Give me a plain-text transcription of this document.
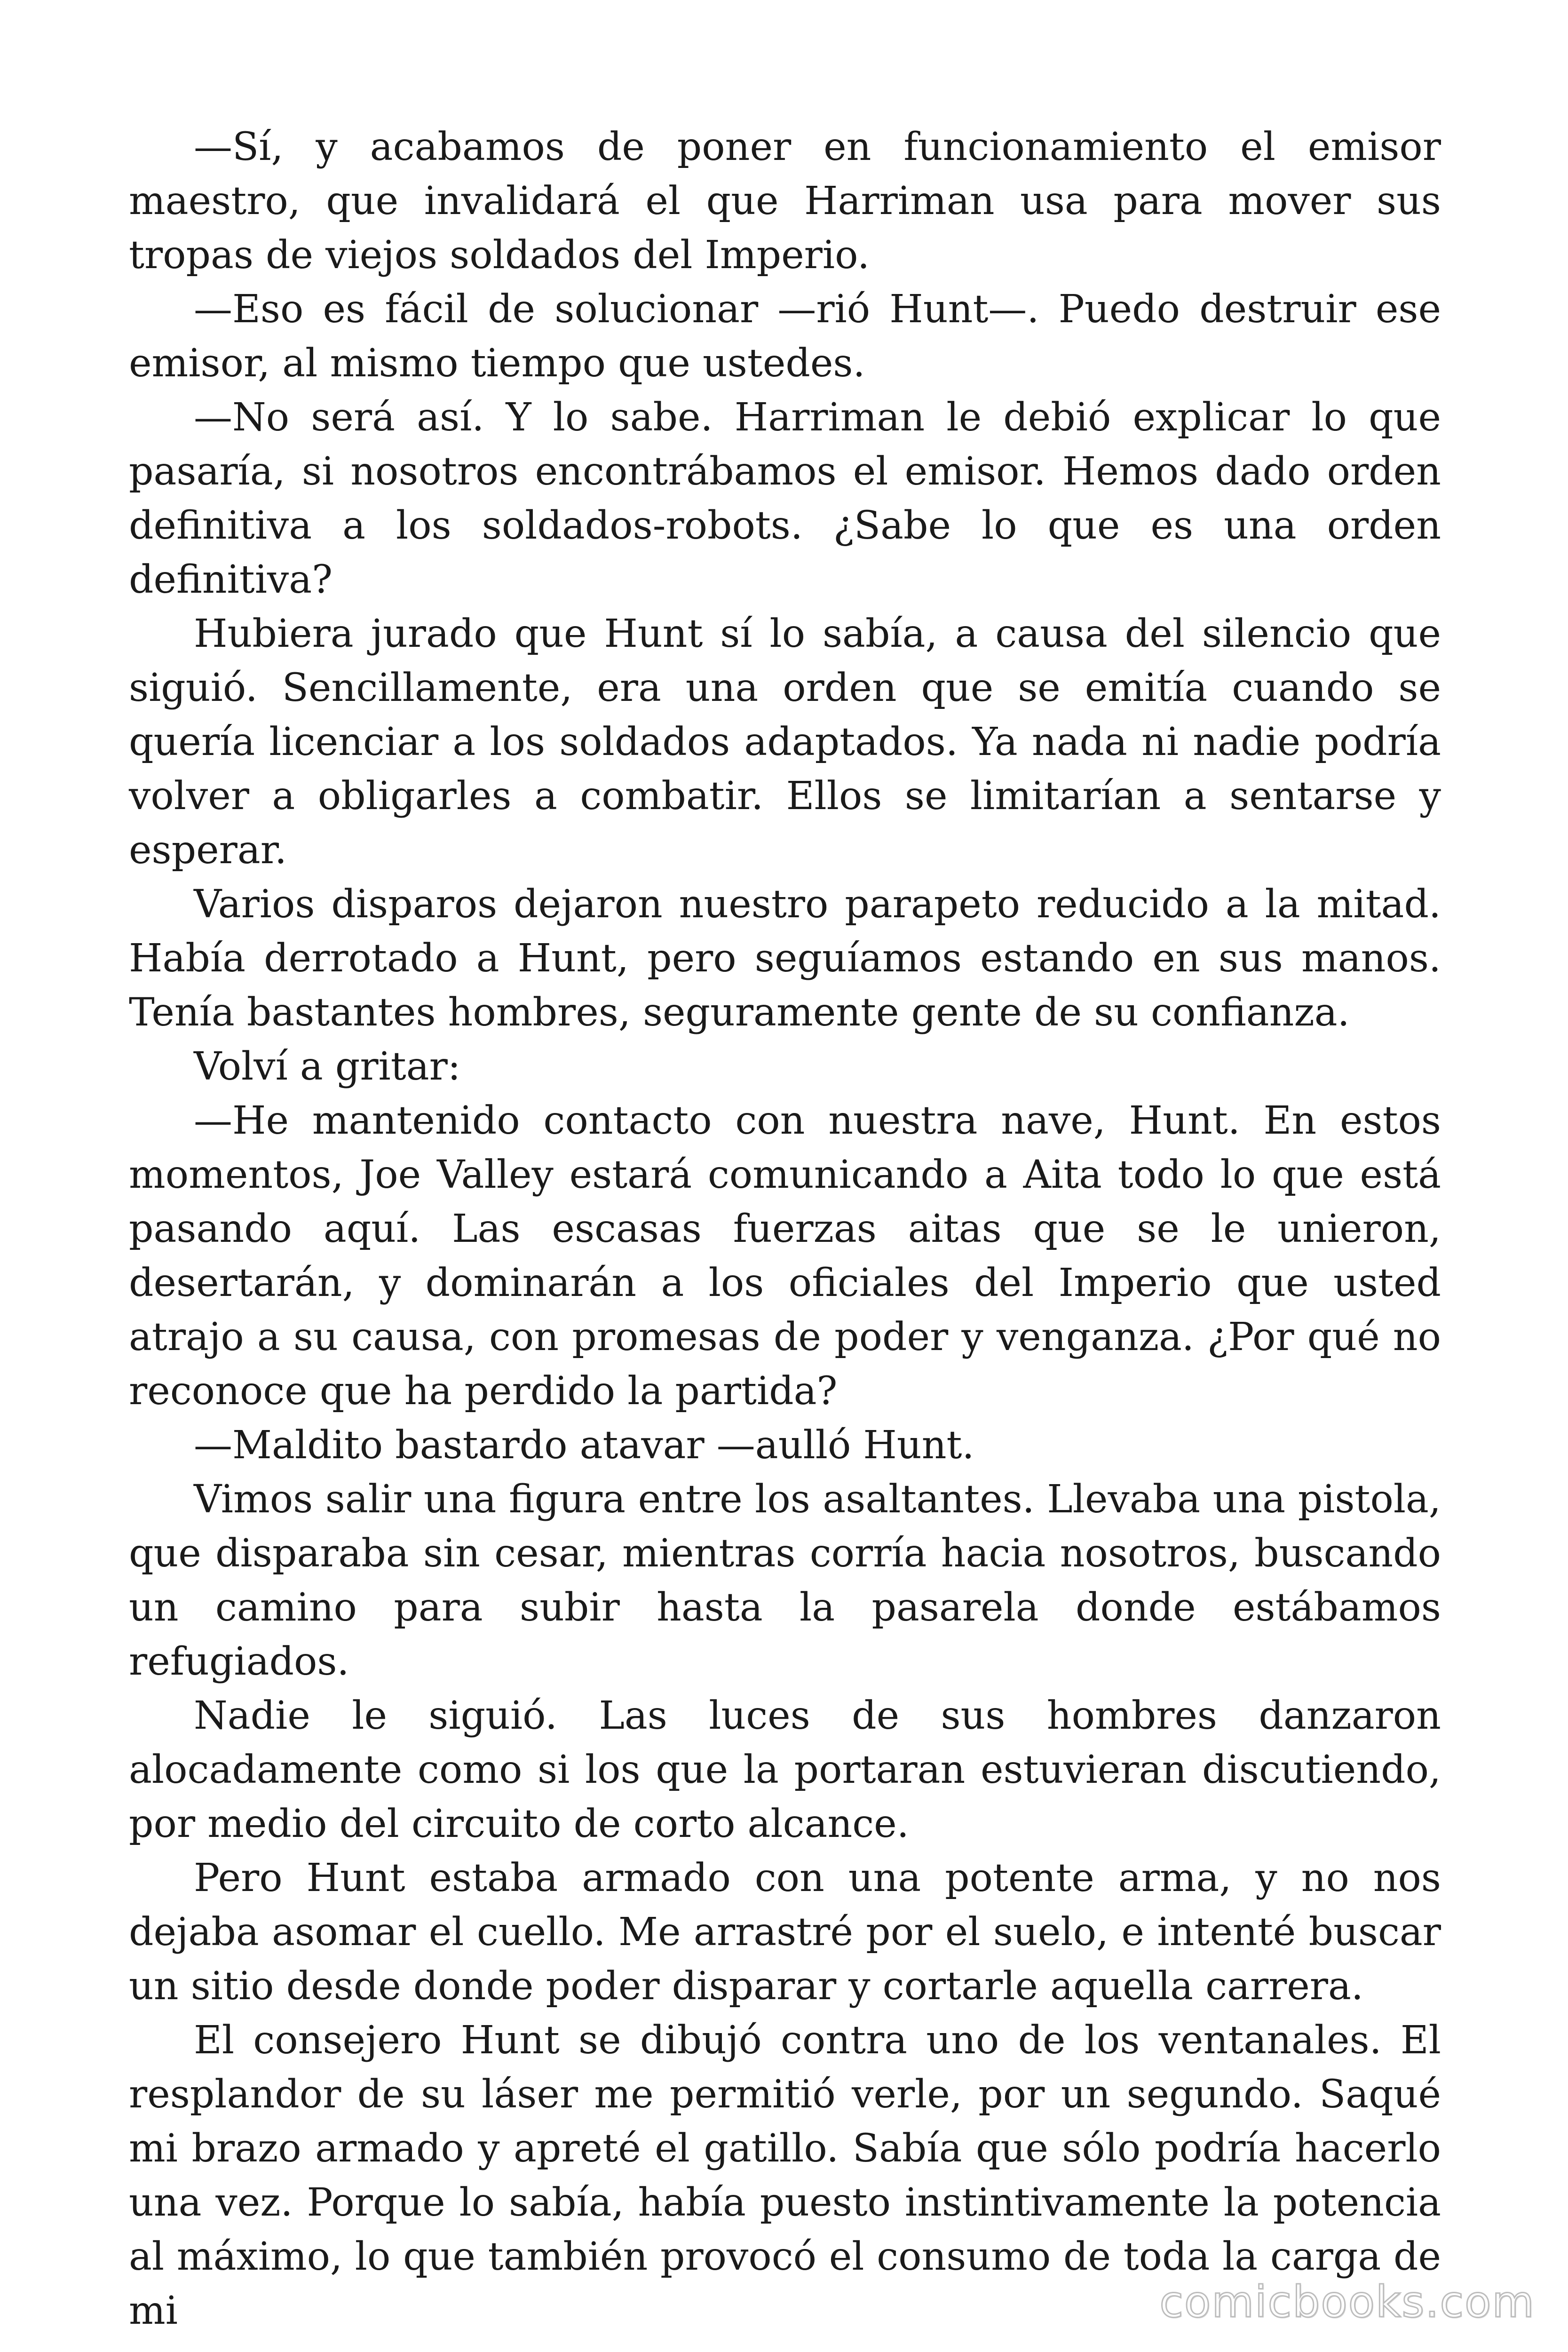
—Sí, y acabamos de poner en funcionamiento el emisor maestro, que invalidará el que Harriman usa para mover sus tropas de viejos soldados del Imperio.

—Eso es fácil de solucionar —rió Hunt—. Puedo destruir ese emisor, al mismo tiempo que ustedes.

—No será así. Y lo sabe. Harriman le debió explicar lo que pasaría, si nosotros encontrábamos el emisor. Hemos dado orden definitiva a los soldados-robots. ¿Sabe lo que es una orden definitiva?

Hubiera jurado que Hunt sí lo sabía, a causa del silencio que siguió. Sencillamente, era una orden que se emitía cuando se quería licenciar a los soldados adaptados. Ya nada ni nadie podría volver a obligarles a combatir. Ellos se limitarían a sentarse y esperar.

Varios disparos dejaron nuestro parapeto reducido a la mitad. Había derrotado a Hunt, pero seguíamos estando en sus manos. Tenía bastantes hombres, seguramente gente de su confianza.

Volví a gritar:

—He mantenido contacto con nuestra nave, Hunt. En estos momentos, Joe Valley estará comunicando a Aita todo lo que está pasando aquí. Las escasas fuerzas aitas que se le unieron, desertarán, y dominarán a los oficiales del Imperio que usted atrajo a su causa, con promesas de poder y venganza. ¿Por qué no reconoce que ha perdido la partida?

—Maldito bastardo atavar —aulló Hunt.

Vimos salir una figura entre los asaltantes. Llevaba una pistola, que disparaba sin cesar, mientras corría hacia nosotros, buscando un camino para subir hasta la pasarela donde estábamos refugiados.

Nadie le siguió. Las luces de sus hombres danzaron alocadamente como si los que la portaran estuvieran discutiendo, por medio del circuito de corto alcance.

Pero Hunt estaba armado con una potente arma, y no nos dejaba asomar el cuello. Me arrastré por el suelo, e intenté buscar un sitio desde donde poder disparar y cortarle aquella carrera.

El consejero Hunt se dibujó contra uno de los ventanales. El resplandor de su láser me permitió verle, por un segundo. Saqué mi brazo armado y apreté el gatillo. Sabía que sólo podría hacerlo una vez. Porque lo sabía, había puesto instintivamente la potencia al máximo, lo que también provocó el consumo de toda la carga de mi	comicbooks.com
